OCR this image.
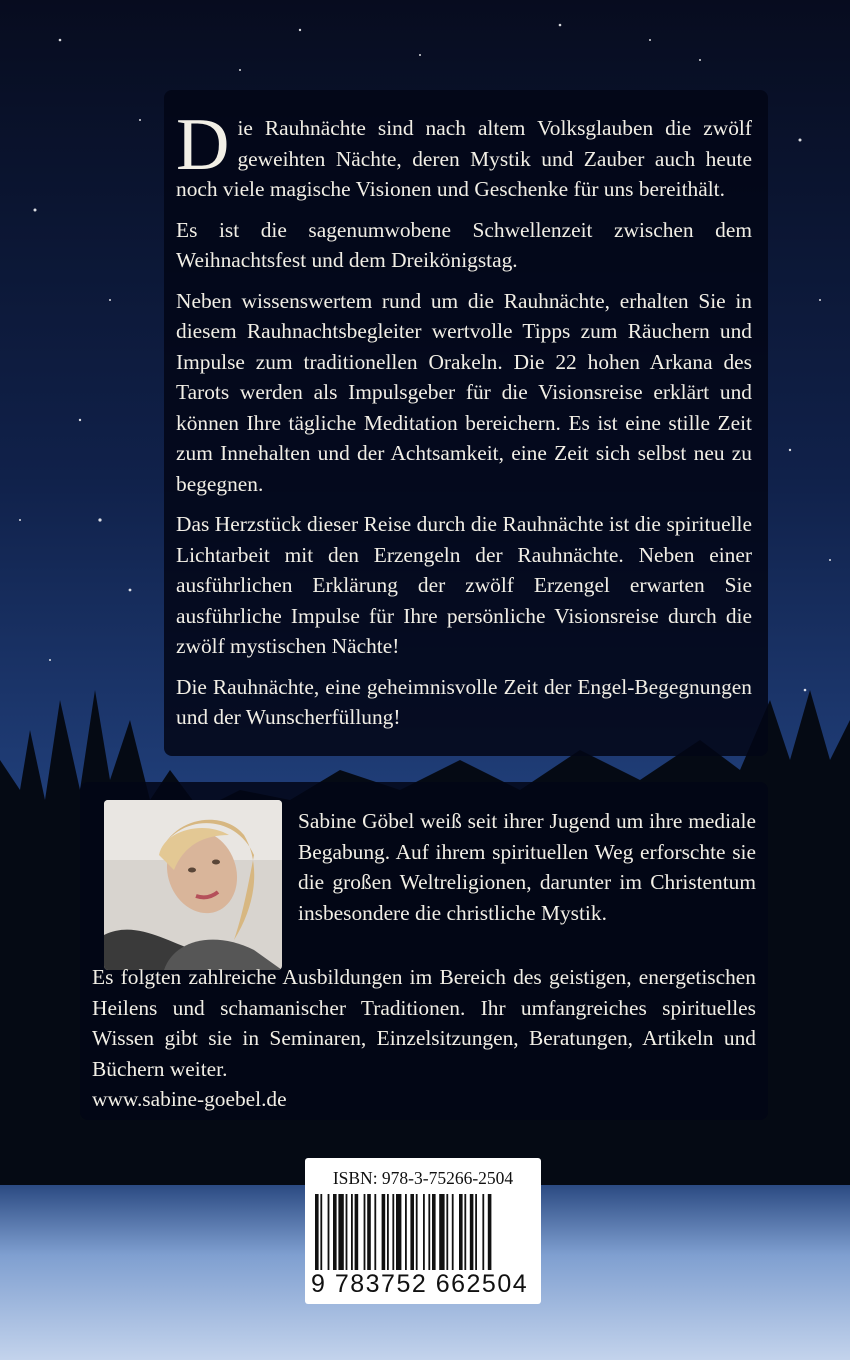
Die Rauhnächte sind nach altem Volksglauben die zwölf geweihten Nächte, deren Mystik und Zauber auch heute noch viele magische Visionen und Geschenke für uns bereithält.

Es ist die sagenumwobene Schwellenzeit zwischen dem Weihnachtsfest und dem Dreikönigstag.

Neben wissenswertem rund um die Rauhnächte, erhalten Sie in diesem Rauhnachtsbegleiter wertvolle Tipps zum Räuchern und Impulse zum traditionellen Orakeln. Die 22 hohen Arkana des Tarots werden als Impulsgeber für die Visionsreise erklärt und können Ihre tägliche Meditation bereichern. Es ist eine stille Zeit zum Innehalten und der Achtsamkeit, eine Zeit sich selbst neu zu begegnen.

Das Herzstück dieser Reise durch die Rauhnächte ist die spirituelle Lichtarbeit mit den Erzengeln der Rauhnächte. Neben einer ausführlichen Erklärung der zwölf Erzengel erwarten Sie ausführliche Impulse für Ihre persönliche Visionsreise durch die zwölf mystischen Nächte!

Die Rauhnächte, eine geheimnisvolle Zeit der Engel-Begegnungen und der Wunscherfüllung!

Sabine Göbel weiß seit ihrer Jugend um ihre mediale Begabung. Auf ihrem spirituellen Weg erforschte sie die großen Weltreligionen, darunter im Christentum insbesondere die christliche Mystik.

Es folgten zahlreiche Ausbildungen im Bereich des geistigen, energetischen Heilens und schamanischer Traditionen. Ihr umfangreiches spirituelles Wissen gibt sie in Seminaren, Einzelsitzungen, Beratungen, Artikeln und Büchern weiter.

www.sabine-goebel.de

ISBN: 978-3-75266-2504
9 783752 662504
